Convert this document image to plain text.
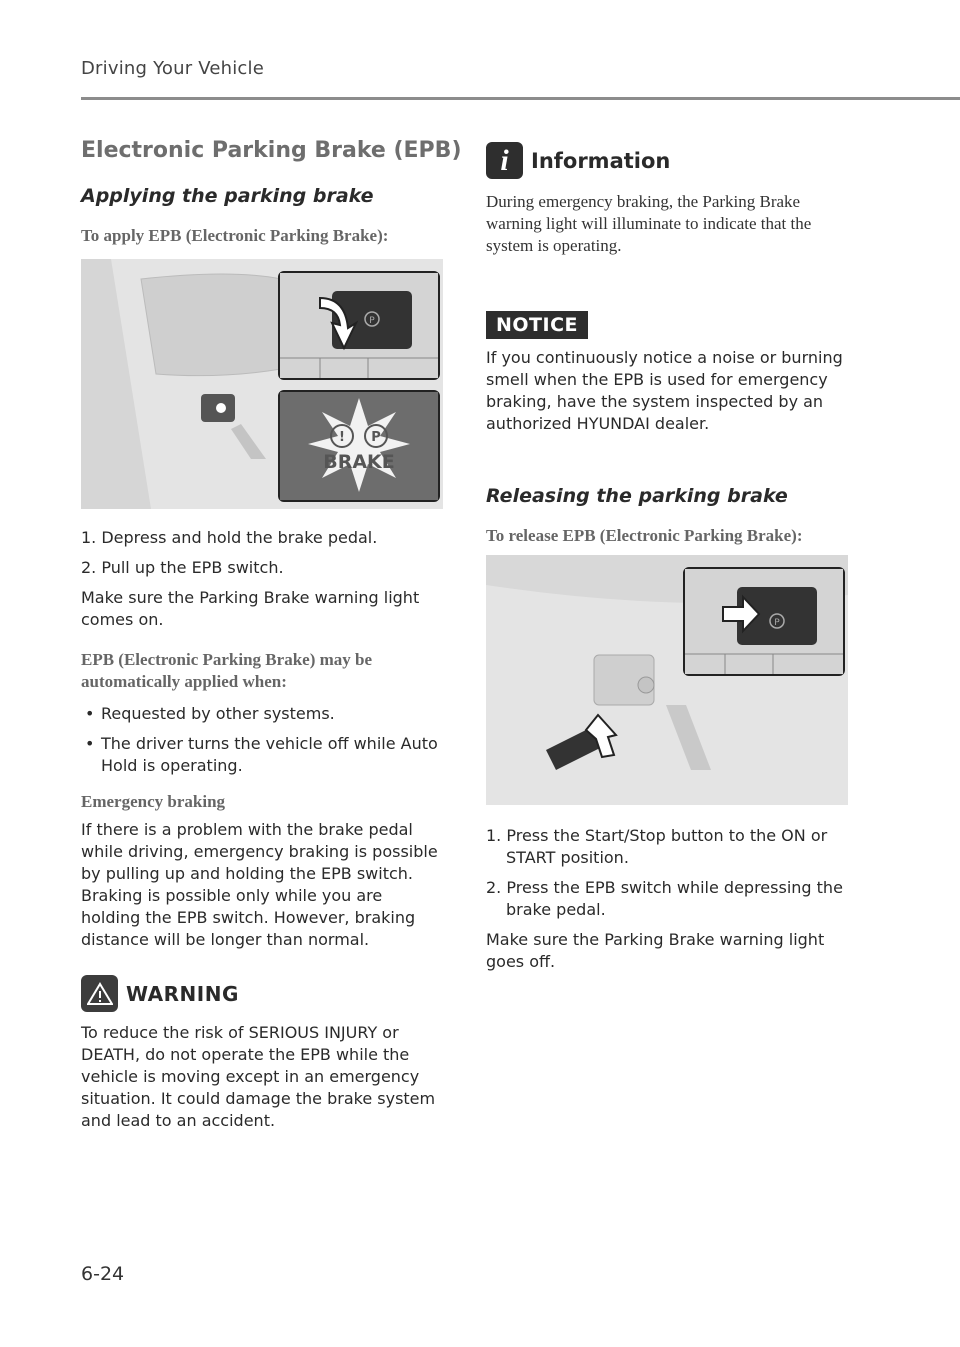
Driving Your Vehicle
Electronic Parking Brake (EPB)
Applying the parking brake
To apply EPB (Electronic Parking Brake):
P
! P
BRAKE
1. Depress and hold the brake pedal.
2. Pull up the EPB switch.

Make sure the Parking Brake warning light comes on.

EPB (Electronic Parking Brake) may be automatically applied when:
• Requested by other systems.
• The driver turns the vehicle off while Auto Hold is operating.
Emergency braking

If there is a problem with the brake pedal while driving, emergency braking is possible by pulling up and holding the EPB switch. Braking is possible only while you are holding the EPB switch. However, braking distance will be longer than normal.

WARNING

To reduce the risk of SERIOUS INJURY or DEATH, do not operate the EPB while the vehicle is moving except in an emergency situation. It could damage the brake system and lead to an accident.

i	Information

During emergency braking, the Parking Brake warning light will illuminate to indicate that the system is operating.

NOTICE

If you continuously notice a noise or burning smell when the EPB is used for emergency braking, have the system inspected by an authorized HYUNDAI dealer.

Releasing the parking brake
To release EPB (Electronic Parking Brake):
P
1. Press the Start/Stop button to the ON or START position.
2. Press the EPB switch while depressing the brake pedal.

Make sure the Parking Brake warning light goes off.

6-24
